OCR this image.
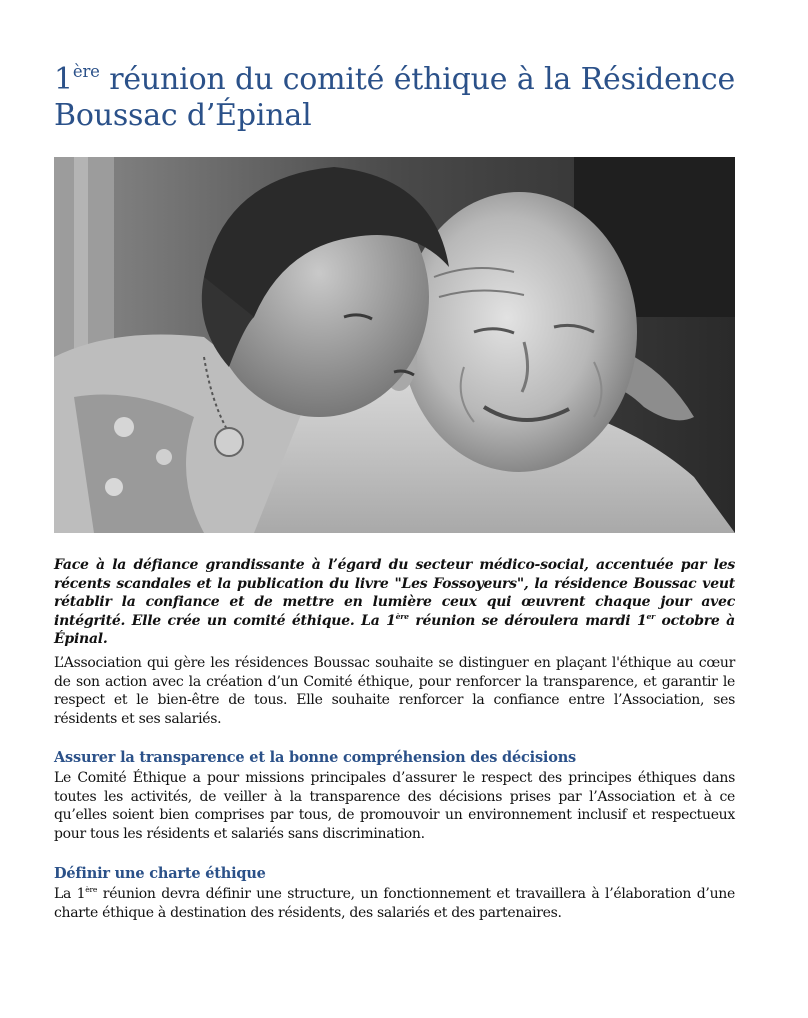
1ère réunion du comité éthique à la Résidence
Boussac d’Épinal

Face à la défiance grandissante à l’égard du secteur médico-social, accentuée par les récents scandales et la publication du livre "Les Fossoyeurs", la résidence Boussac veut rétablir la confiance et de mettre en lumière ceux qui œuvrent chaque jour avec intégrité. Elle crée un comité éthique. La 1ère réunion se déroulera mardi 1er octobre à Épinal.

L’Association qui gère les résidences Boussac souhaite se distinguer en plaçant l'éthique au cœur de son action avec la création d’un Comité éthique, pour renforcer la transparence, et garantir le respect et le bien-être de tous. Elle souhaite renforcer la confiance entre l’Association, ses résidents et ses salariés.

Assurer la transparence et la bonne compréhension des décisions

Le Comité Éthique a pour missions principales d’assurer le respect des principes éthiques dans toutes les activités, de veiller à la transparence des décisions prises par l’Association et à ce qu’elles soient bien comprises par tous, de promouvoir un environnement inclusif et respectueux pour tous les résidents et salariés sans discrimination.

Définir une charte éthique

La 1ère réunion devra définir une structure, un fonctionnement et travaillera à l’élaboration d’une charte éthique à destination des résidents, des salariés et des partenaires.
